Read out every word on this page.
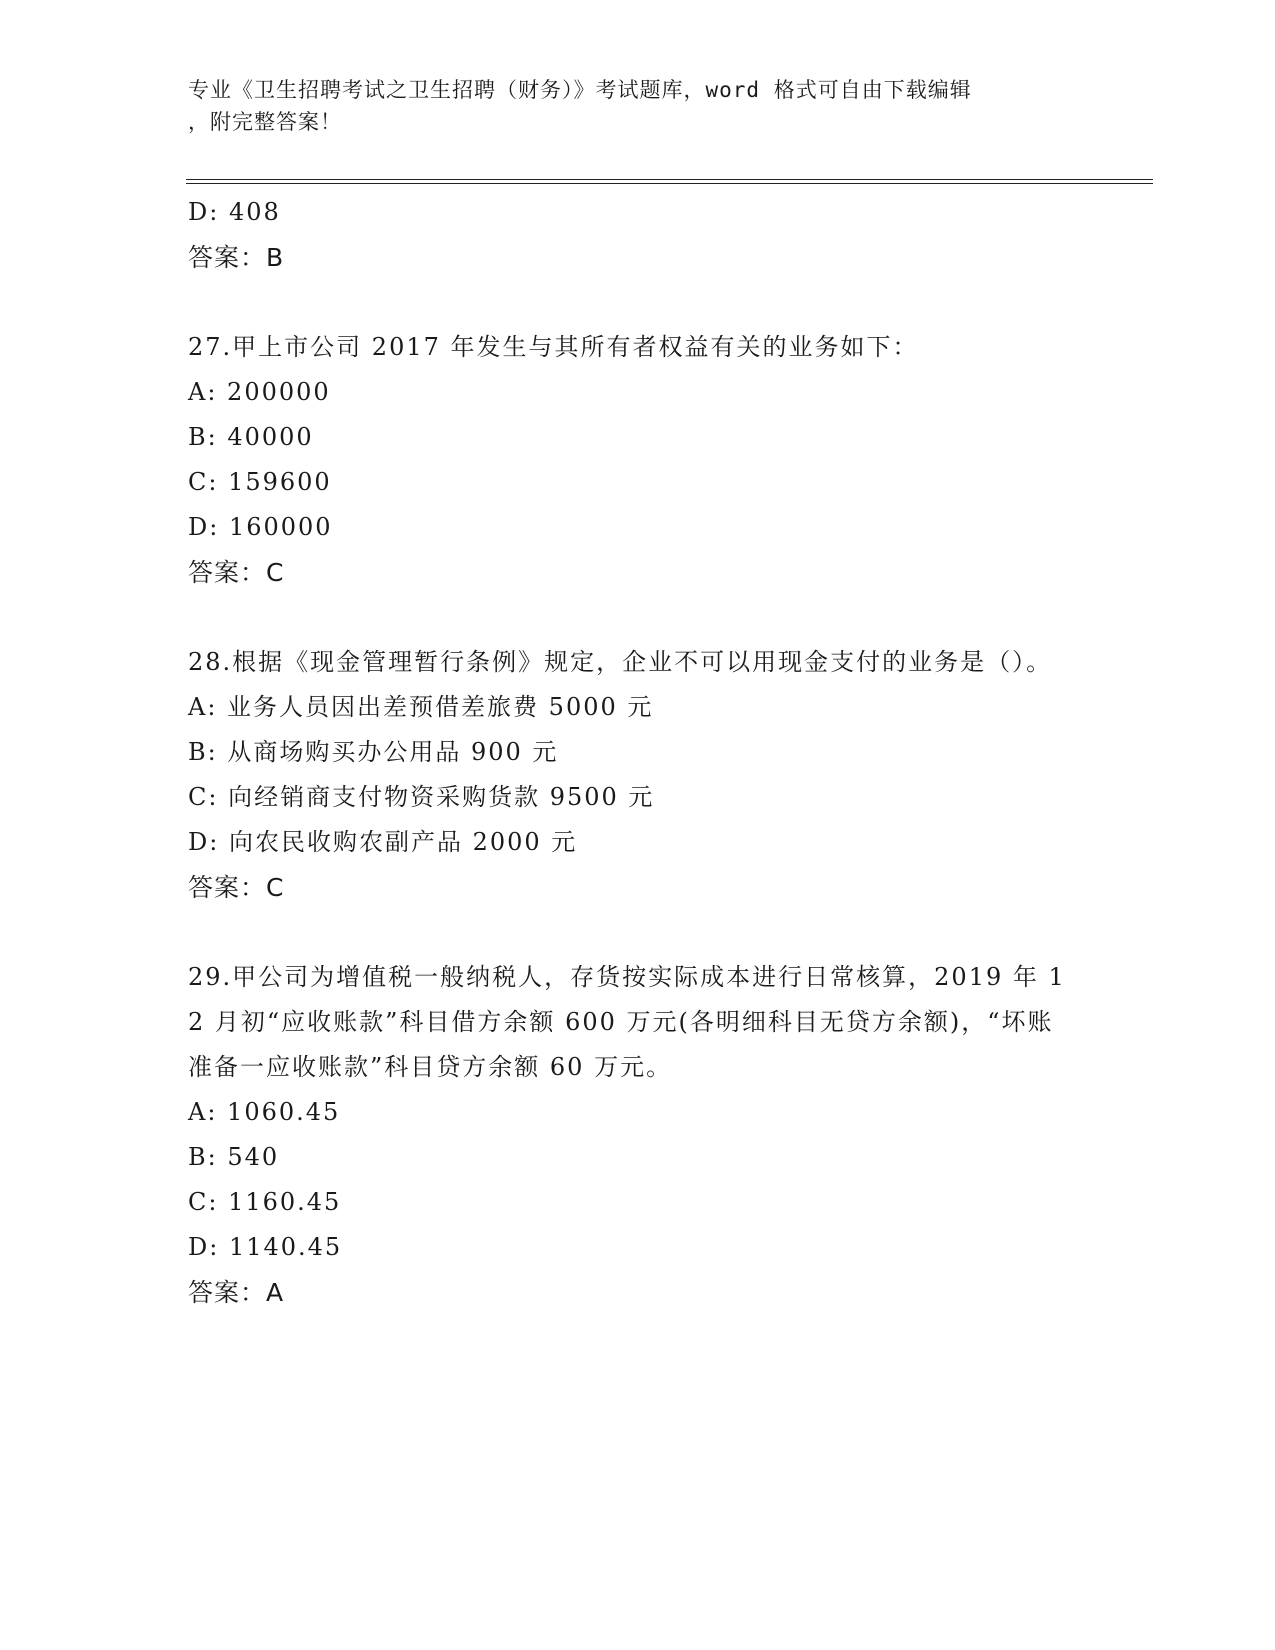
专业《卫生招聘考试之卫生招聘（财务）》考试题库，word 格式可自由下载编辑
，附完整答案！
D: 408
答案：B
27.甲上市公司 2017 年发生与其所有者权益有关的业务如下：
A: 200000
B: 40000
C: 159600
D: 160000
答案：C
28.根据《现金管理暂行条例》规定，企业不可以用现金支付的业务是（）。
A: 业务人员因出差预借差旅费 5000 元
B: 从商场购买办公用品 900 元
C: 向经销商支付物资采购货款 9500 元
D: 向农民收购农副产品 2000 元
答案：C
29.甲公司为增值税一般纳税人，存货按实际成本进行日常核算，2019 年 12 月初“应收账款”科目借方余额 600 万元(各明细科目无贷方余额)，“坏账准备一应收账款”科目贷方余额 60 万元。
A: 1060.45
B: 540
C: 1160.45
D: 1140.45
答案：A
